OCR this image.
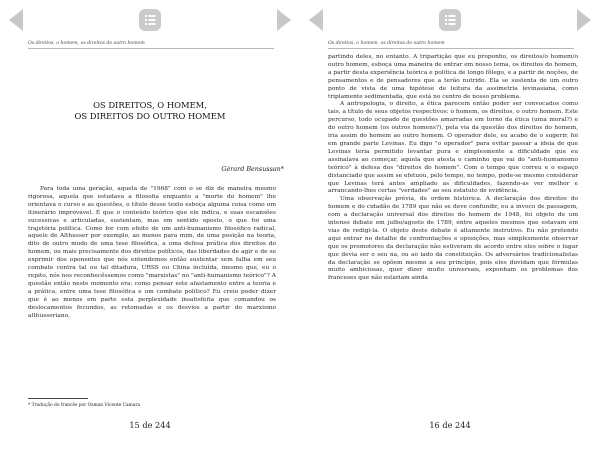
Os direitos, o homem, os direitos do outro homem
OS DIREITOS, O HOMEM,
OS DIREITOS DO OUTRO HOMEM
Gérard Bensussan*

Para toda uma geração, aquela de "1968" com o se diz de maneira mesmo rigorosa, aquela que estudava a filosofia enquanto a "morte do homem" lhe orientava o curso e as questões, o título desse texto esboça alguma coisa como um itinerário improvável. É que o conteúdo teórico que ele indica, e suas escansões sucessivas e articuladas, sustentam, mas em sentido oposto, o que foi uma trajetória política. Como for com efeito de um anti-humanismo filosófico radical, aquele de Althusser por exemplo, ao menos para mim, de uma posição na teoria, dito de outro modo de uma tese filosófica, a uma defesa prática dos direitos do homem, ou mais precisamente dos direitos políticos, das liberdades de agir e de se exprimir dos oponentes que nós entendemos então sustentar sem falha em seu combate contra tal ou tal ditadura, URSS ou China incluída, mesmo que, eu o repito, nós nos reconhecêssemos como "marxistas" no "anti-humanismo teórico"? A questão então neste momento era: como pensar este afastamento entre a teoria e a prática, entre uma tese filosófica e um combate político? Eu creio poder dizer que é ao menos em parte esta perplexidade insatisfeita que comandou os deslocamentos fecundos, as retomadas e os desvios a partir do marxismo althusseriano,

* Tradução do francês por Osman Vicente Camara
15 de 244
Os direitos, o homem, os direitos do outro homem

partindo deles, no entanto. A tripartição que eu proponho, os direitos/o homem/o outro homem, esboça uma maneira de entrar em nosso tema, os direitos do homem, a partir desta experiência teórica e política de longo fôlego, e a partir de noções, de pensamentos e de pensadores que a terão nutrido. Ela se sustenta de um outro ponto de vista de uma hipótese de leitura da assimetria levinasiana, como triplamente sedimentada, que está no centro de nosso problema.

A antropologia, o direito, a ética parecem então poder ser convocados como tais, a título de seus objetos respectivos: o homem, os direitos, o outro homem. Este percurso, todo ocupado de questões amarradas em torno da ética (uma moral?) e do outro homem (os outros homens?), pela via da questão dos direitos do homem, iria assim do homem ao outro homem. O operador dele, eu acabo de o sugerir, foi em grande parte Levinas. Eu digo "o operador" para evitar passar a ideia de que Levinas teria permitido levantar pura e simplesmente a dificuldade que eu assinalava ao começar, aquela que atesta o caminho que vai do "anti-humanismo teórico" à defesa dos "direitos do homem". Com o tempo que correu e o espaço distanciado que assim se efetuou, pelo tempo, no tempo, pode-se mesmo considerar que Levinas terá antes ampliado as dificuldades, fazendo-as ver melhor e arrancando-lhes certas "verdades" ao seu estatuto de evidência.

Uma observação prévia, de ordem histórica. A declaração dos direitos do homem e do cidadão de 1789 que não se deve confundir, eu a invoco de passagem, com a declaração universal dos direitos do homem de 1948, foi objeto de um intenso debate em julho/agosto de 1789, entre aqueles mesmos que estavam em vias de redigi-la. O objeto deste debate é altamente instrutivo. Eu não pretendo aqui entrar no detalhe de confrontações e oposições, mas simplesmente observar que os promotores da declaração não estiveram de acordo entre eles sobre o lugar que devia ser o seu na, ou ao lado da constituição. Os adversários tradicionalistas da declaração se opõem mesmo a seu princípio, pois eles duvidam que fórmulas muito ambiciosas, quer dizer muito universais, exponham os problemas dos franceses que não estariam ainda

16 de 244
